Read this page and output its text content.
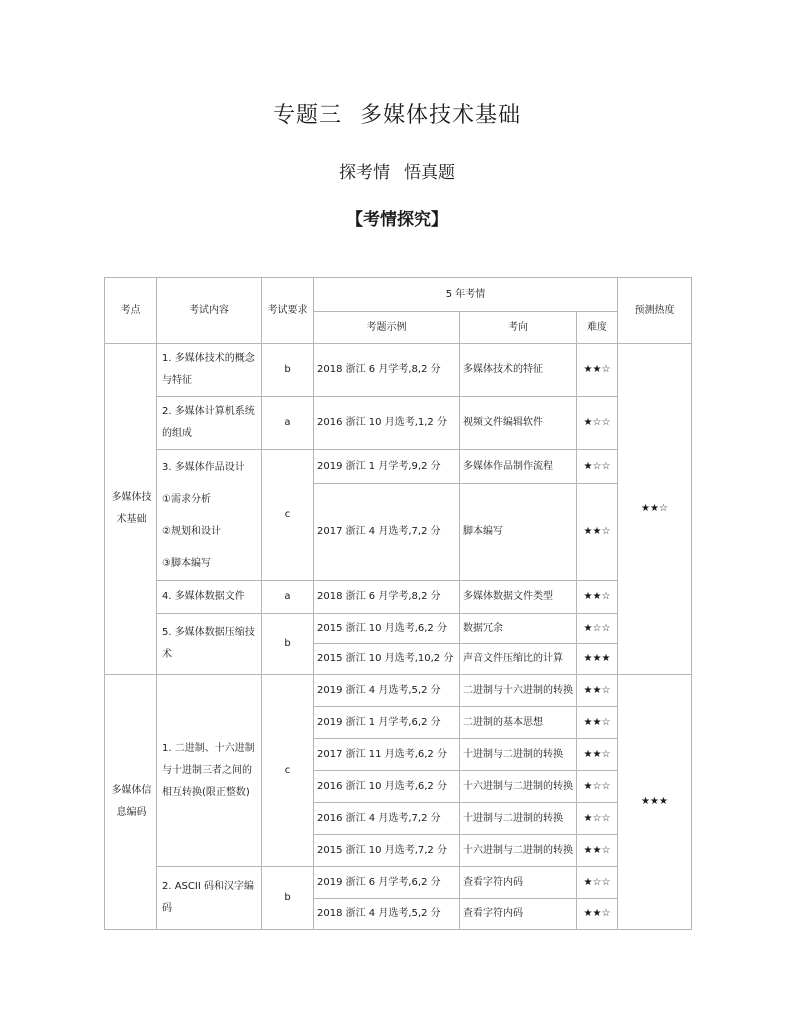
专题三 多媒体技术基础
探考情 悟真题
【考情探究】
考点	考试内容	考试要求	5 年考情			预测热度
			考题示例	考向	难度	
多媒体技术基础	1. 多媒体技术的概念与特征	b	2018 浙江 6 月学考,8,2 分	多媒体技术的特征	★★☆	★★☆
	2. 多媒体计算机系统的组成	a	2016 浙江 10 月选考,1,2 分	视频文件编辑软件	★☆☆	

	3. 多媒体作品设计
①需求分析
②规划和设计
③脚本编写	c	2019 浙江 1 月学考,9,2 分	多媒体作品制作流程	★☆☆	
			2017 浙江 4 月选考,7,2 分	脚本编写	★★☆	
	4. 多媒体数据文件	a	2018 浙江 6 月学考,8,2 分	多媒体数据文件类型	★★☆	
	5. 多媒体数据压缩技术	b	2015 浙江 10 月选考,6,2 分	数据冗余	★☆☆	
			2015 浙江 10 月选考,10,2 分	声音文件压缩比的计算	★★★	
多媒体信息编码	1. 二进制、十六进制与十进制三者之间的相互转换(限正整数)	c	2019 浙江 4 月选考,5,2 分	二进制与十六进制的转换	★★☆	★★★
			2019 浙江 1 月学考,6,2 分	二进制的基本思想	★★☆	
			2017 浙江 11 月选考,6,2 分	十进制与二进制的转换	★★☆	
			2016 浙江 10 月选考,6,2 分	十六进制与二进制的转换	★☆☆	
			2016 浙江 4 月选考,7,2 分	十进制与二进制的转换	★☆☆	
			2015 浙江 10 月选考,7,2 分	十六进制与二进制的转换	★★☆	
	2. ASCII 码和汉字编码	b	2019 浙江 6 月学考,6,2 分	查看字符内码	★☆☆	
			2018 浙江 4 月选考,5,2 分	查看字符内码	★★☆	
